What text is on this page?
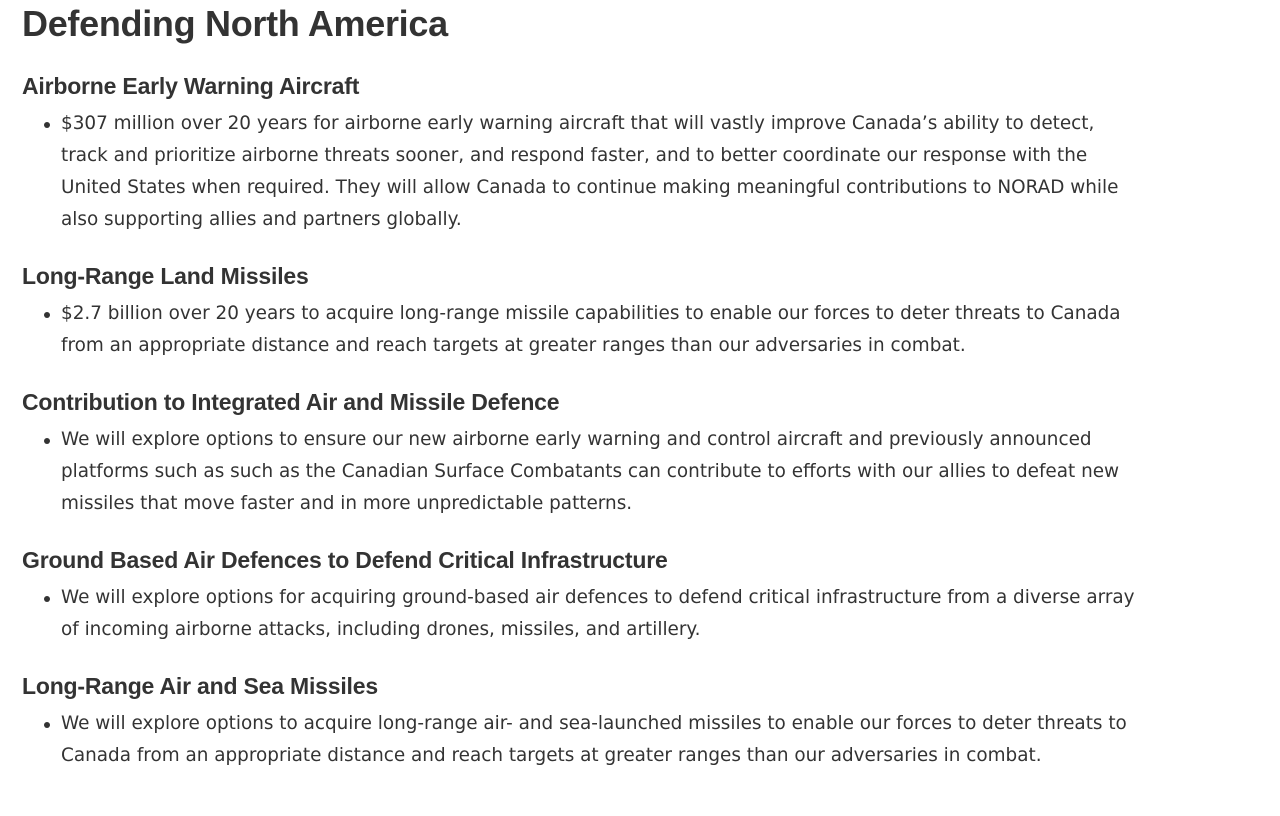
Defending North America
Airborne Early Warning Aircraft
$307 million over 20 years for airborne early warning aircraft that will vastly improve Canada’s ability to detect, track and prioritize airborne threats sooner, and respond faster, and to better coordinate our response with the United States when required. They will allow Canada to continue making meaningful contributions to NORAD while also supporting allies and partners globally.
Long-Range Land Missiles
$2.7 billion over 20 years to acquire long-range missile capabilities to enable our forces to deter threats to Canada from an appropriate distance and reach targets at greater ranges than our adversaries in combat.
Contribution to Integrated Air and Missile Defence
We will explore options to ensure our new airborne early warning and control aircraft and previously announced platforms such as such as the Canadian Surface Combatants can contribute to efforts with our allies to defeat new missiles that move faster and in more unpredictable patterns.
Ground Based Air Defences to Defend Critical Infrastructure
We will explore options for acquiring ground-based air defences to defend critical infrastructure from a diverse array of incoming airborne attacks, including drones, missiles, and artillery.
Long-Range Air and Sea Missiles
We will explore options to acquire long-range air- and sea-launched missiles to enable our forces to deter threats to Canada from an appropriate distance and reach targets at greater ranges than our adversaries in combat.
